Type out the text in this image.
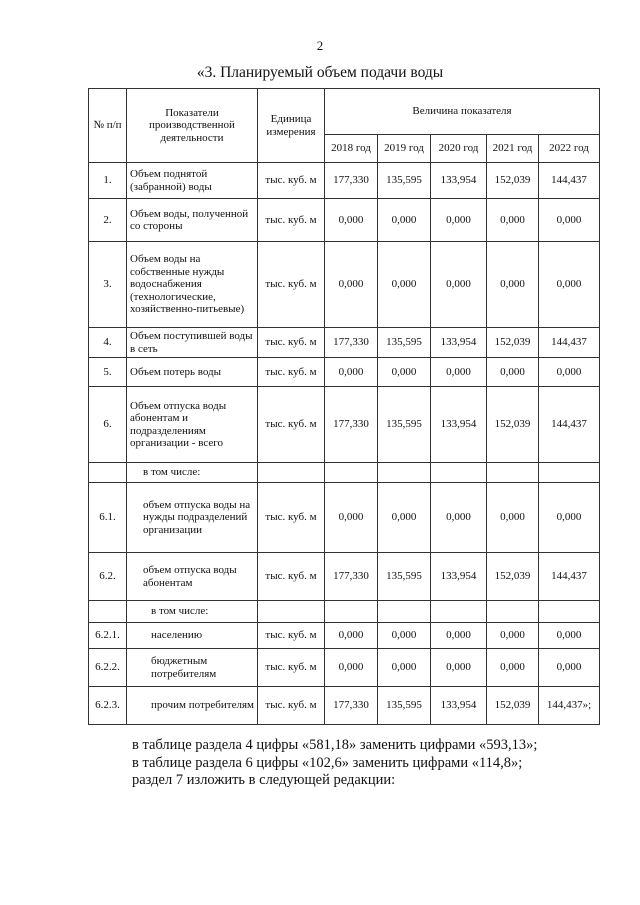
2
«3. Планируемый объем подачи воды
№ п/п	Показатели производственной деятельности	Единица измерения	Величина показателя				
			2018 год	2019 год	2020 год	2021 год	2022 год
1.	Объем поднятой (забранной) воды	тыс. куб. м	177,330	135,595	133,954	152,039	144,437
2.	Объем воды, полученной со стороны	тыс. куб. м	0,000	0,000	0,000	0,000	0,000
3.	Объем воды на собственные нужды водоснабжения (технологические, хозяйственно-питьевые)	тыс. куб. м	0,000	0,000	0,000	0,000	0,000
4.	Объем поступившей воды в сеть	тыс. куб. м	177,330	135,595	133,954	152,039	144,437
5.	Объем потерь воды	тыс. куб. м	0,000	0,000	0,000	0,000	0,000
6.	Объем отпуска воды абонентам и подразделениям организации - всего	тыс. куб. м	177,330	135,595	133,954	152,039	144,437
	в том числе:						
6.1.	объем отпуска воды на нужды подразделений организации	тыс. куб. м	0,000	0,000	0,000	0,000	0,000
6.2.	объем отпуска воды абонентам	тыс. куб. м	177,330	135,595	133,954	152,039	144,437
	в том числе:						
6.2.1.	населению	тыс. куб. м	0,000	0,000	0,000	0,000	0,000
6.2.2.	бюджетным потребителям	тыс. куб. м	0,000	0,000	0,000	0,000	0,000
6.2.3.	прочим потребителям	тыс. куб. м	177,330	135,595	133,954	152,039	144,437»;
в таблице раздела 4 цифры «581,18» заменить цифрами «593,13»;
в таблице раздела 6 цифры «102,6» заменить цифрами «114,8»;
раздел 7 изложить в следующей редакции:
